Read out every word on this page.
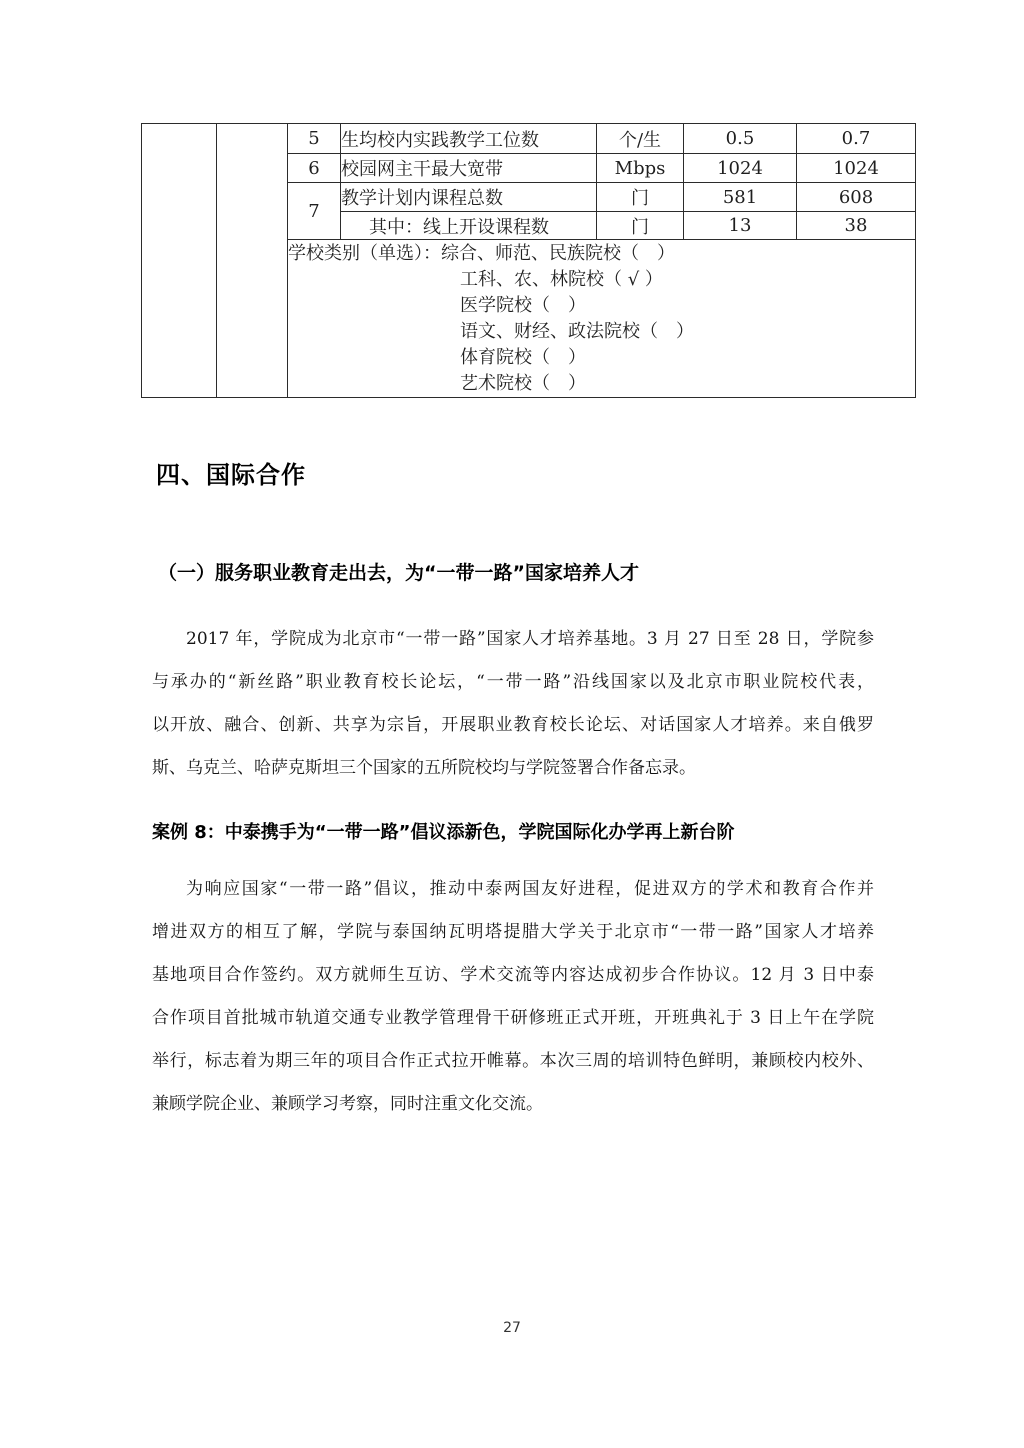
		5	生均校内实践教学工位数	个/生	0.5	0.7
		6	校园网主干最大宽带	Mbps	1024	1024
		7	教学计划内课程总数	门	581	608
			其中：线上开设课程数	门	13	38

学校类别（单选）：综合、师范、民族院校（　）
工科、农、林院校（ √ ）
医学院校（　）
语文、财经、政法院校（　）
体育院校（　）
艺术院校（　）
四、国际合作
（一）服务职业教育走出去，为“一带一路”国家培养人才
2017 年，学院成为北京市“一带一路”国家人才培养基地。3 月 27 日至 28 日，学院参
与承办的“新丝路”职业教育校长论坛，“一带一路”沿线国家以及北京市职业院校代表，
以开放、融合、创新、共享为宗旨，开展职业教育校长论坛、对话国家人才培养。来自俄罗
斯、乌克兰、哈萨克斯坦三个国家的五所院校均与学院签署合作备忘录。
案例 8：中泰携手为“一带一路”倡议添新色，学院国际化办学再上新台阶
为响应国家“一带一路”倡议，推动中泰两国友好进程，促进双方的学术和教育合作并
增进双方的相互了解，学院与泰国纳瓦明塔提腊大学关于北京市“一带一路”国家人才培养
基地项目合作签约。双方就师生互访、学术交流等内容达成初步合作协议。12 月 3 日中泰
合作项目首批城市轨道交通专业教学管理骨干研修班正式开班，开班典礼于 3 日上午在学院
举行，标志着为期三年的项目合作正式拉开帷幕。本次三周的培训特色鲜明，兼顾校内校外、
兼顾学院企业、兼顾学习考察，同时注重文化交流。
27
